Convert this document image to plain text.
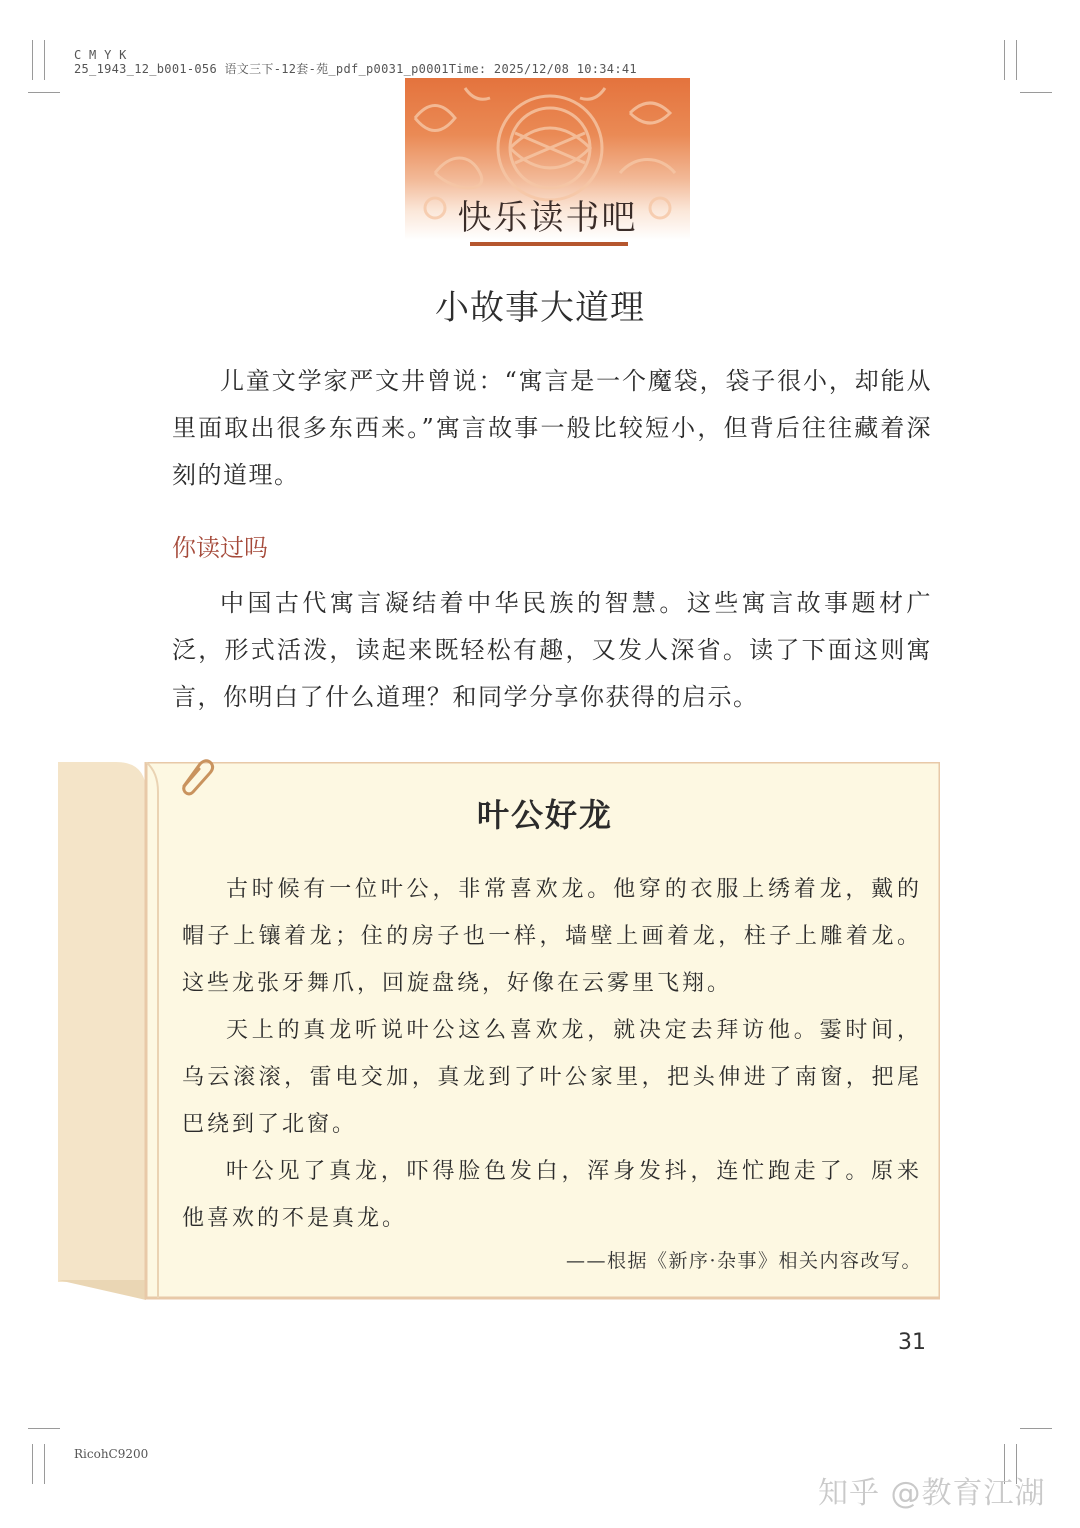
C M Y K
25_1943_12_b001-056 语文三下-12套-苑_pdf_p0031_p0001Time: 2025/12/08 10:34:41
快乐读书吧
小故事大道理

儿童文学家严文井曾说：“寓言是一个魔袋，袋子很小，却能从里面取出很多东西来。”寓言故事一般比较短小，但背后往往藏着深刻的道理。

你读过吗

中国古代寓言凝结着中华民族的智慧。这些寓言故事题材广泛，形式活泼，读起来既轻松有趣，又发人深省。读了下面这则寓言，你明白了什么道理？和同学分享你获得的启示。

叶公好龙

古时候有一位叶公，非常喜欢龙。他穿的衣服上绣着龙，戴的帽子上镶着龙；住的房子也一样，墙壁上画着龙，柱子上雕着龙。这些龙张牙舞爪，回旋盘绕，好像在云雾里飞翔。

天上的真龙听说叶公这么喜欢龙，就决定去拜访他。霎时间，乌云滚滚，雷电交加，真龙到了叶公家里，把头伸进了南窗，把尾巴绕到了北窗。

叶公见了真龙，吓得脸色发白，浑身发抖，连忙跑走了。原来他喜欢的不是真龙。

——根据《新序·杂事》相关内容改写。
31
RicohC9200
知乎 @教育江湖
